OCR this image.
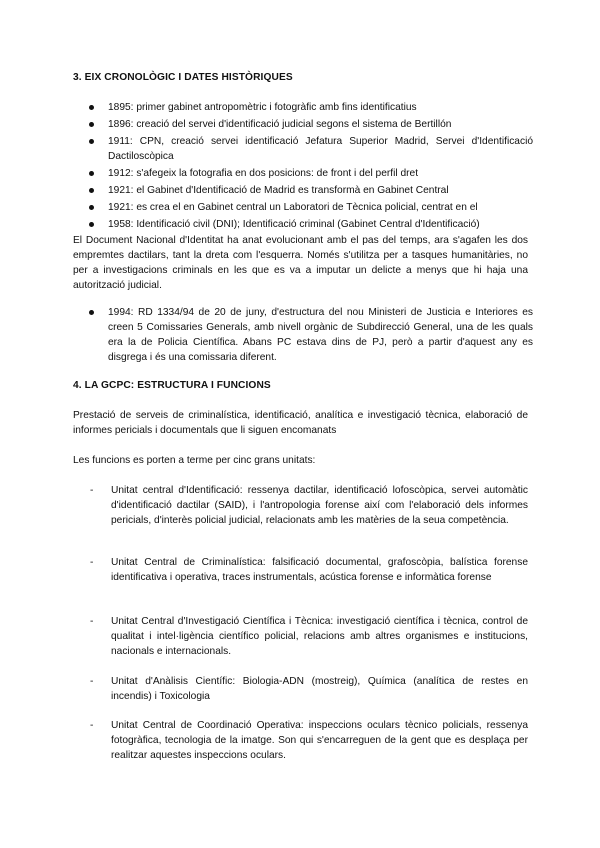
3. EIX CRONOLÒGIC I DATES HISTÒRIQUES
1895: primer gabinet antropomètric i fotogràfic amb fins identificatius
1896: creació del servei d'identificació judicial segons el sistema de Bertillón
1911: CPN, creació servei identificació Jefatura Superior Madrid, Servei d'Identificació Dactiloscòpica
1912: s'afegeix la fotografia en dos posicions: de front i del perfil dret
1921: el Gabinet d'Identificació de Madrid es transformà en Gabinet Central
1921: es crea el en Gabinet central un Laboratori de Tècnica policial, centrat en el
1958: Identificació civil (DNI); Identificació criminal (Gabinet Central d'Identificació)

El Document Nacional d'Identitat ha anat evolucionant amb el pas del temps, ara s'agafen les dos empremtes dactilars, tant la dreta com l'esquerra. Només s'utilitza per a tasques humanitàries, no per a investigacions criminals en les que es va a imputar un delicte a menys que hi haja una autorització judicial.

1994: RD 1334/94 de 20 de juny, d'estructura del nou Ministeri de Justicia e Interiores es creen 5 Comissaries Generals, amb nivell orgànic de Subdirecció General, una de les quals era la de Policia Científica. Abans PC estava dins de PJ, però a partir d'aquest any es disgrega i és una comissaria diferent.
4. LA GCPC: ESTRUCTURA I FUNCIONS

Prestació de serveis de criminalística, identificació, analítica e investigació tècnica, elaboració de informes pericials i documentals que li siguen encomanats

Les funcions es porten a terme per cinc grans unitats:

- Unitat central d'Identificació: ressenya dactilar, identificació lofoscòpica, servei automàtic d'identificació dactilar (SAID), i l'antropologia forense així com l'elaboració dels informes pericials, d'interès policial judicial, relacionats amb les matèries de la seua competència.
- Unitat Central de Criminalística: falsificació documental, grafoscòpia, balística forense identificativa i operativa, traces instrumentals, acústica forense e informàtica forense
- Unitat Central d'Investigació Científica i Tècnica: investigació científica i tècnica, control de qualitat i intel·ligència científico policial, relacions amb altres organismes e institucions, nacionals e internacionals.
- Unitat d'Anàlisis Científic: Biologia-ADN (mostreig), Química (analítica de restes en incendis) i Toxicologia
- Unitat Central de Coordinació Operativa: inspeccions oculars tècnico policials, ressenya fotogràfica, tecnologia de la imatge. Son qui s'encarreguen de la gent que es desplaça per realitzar aquestes inspeccions oculars.
